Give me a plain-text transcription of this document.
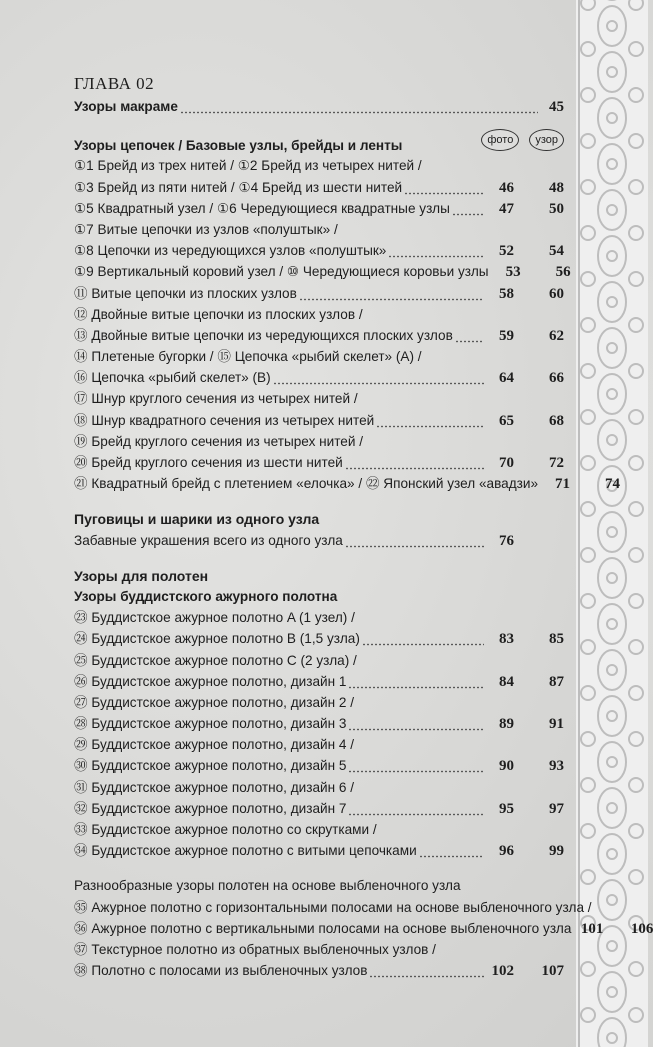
ГЛАВА 02
Узоры макраме	45
Узоры цепочек / Базовые узлы, брейды и ленты	фото	узор
①1 Брейд из трех нитей / ①2 Брейд из четырех нитей /
①3 Брейд из пяти нитей / ①4 Брейд из шести нитей	46	48
①5 Квадратный узел / ①6 Чередующиеся квадратные узлы	47	50
①7 Витые цепочки из узлов «полуштык» /
①8 Цепочки из чередующихся узлов «полуштык»	52	54
①9 Вертикальный коровий узел / ⑩ Чередующиеся коровьи узлы	53	56
⑪ Витые цепочки из плоских узлов	58	60
⑫ Двойные витые цепочки из плоских узлов /
⑬ Двойные витые цепочки из чередующихся плоских узлов	59	62
⑭ Плетеные бугорки / ⑮ Цепочка «рыбий скелет» (A) /
⑯ Цепочка «рыбий скелет» (B)	64	66
⑰ Шнур круглого сечения из четырех нитей /
⑱ Шнур квадратного сечения из четырех нитей	65	68
⑲ Брейд круглого сечения из четырех нитей /
⑳ Брейд круглого сечения из шести нитей	70	72
㉑ Квадратный брейд с плетением «елочка» / ㉒ Японский узел «авадзи»	71	74
Пуговицы и шарики из одного узла
Забавные украшения всего из одного узла	76
Узоры для полотен
Узоры буддистского ажурного полотна
㉓ Буддистское ажурное полотно A (1 узел) /
㉔ Буддистское ажурное полотно B (1,5 узла)	83	85
㉕ Буддистское ажурное полотно C (2 узла) /
㉖ Буддистское ажурное полотно, дизайн 1	84	87
㉗ Буддистское ажурное полотно, дизайн 2 /
㉘ Буддистское ажурное полотно, дизайн 3	89	91
㉙ Буддистское ажурное полотно, дизайн 4 /
㉚ Буддистское ажурное полотно, дизайн 5	90	93
㉛ Буддистское ажурное полотно, дизайн 6 /
㉜ Буддистское ажурное полотно, дизайн 7	95	97
㉝ Буддистское ажурное полотно со скрутками /
㉞ Буддистское ажурное полотно с витыми цепочками	96	99
Разнообразные узоры полотен на основе выбленочного узла
㉟ Ажурное полотно с горизонтальными полосами на основе выбленочного узла /
㊱ Ажурное полотно с вертикальными полосами на основе выбленочного узла 101	106
㊲ Текстурное полотно из обратных выбленочных узлов /
㊳ Полотно с полосами из выбленочных узлов	102	107
